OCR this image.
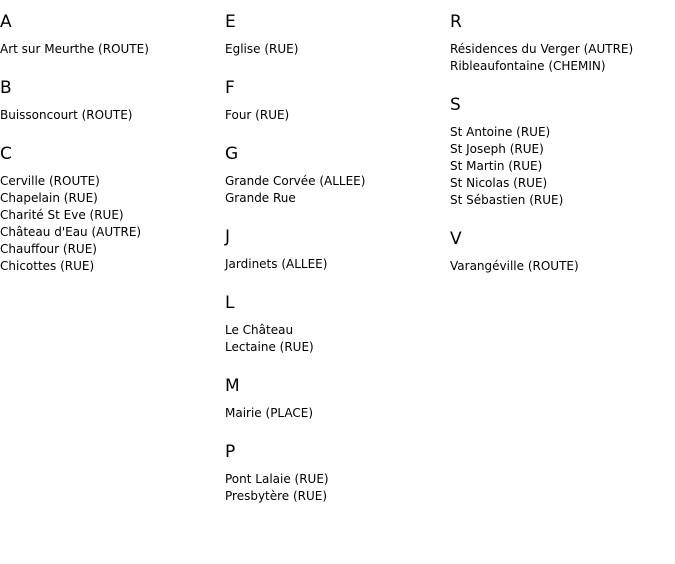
A
Art sur Meurthe (ROUTE)
B
Buissoncourt (ROUTE)
C
Cerville (ROUTE)
Chapelain (RUE)
Charité St Eve (RUE)
Château d'Eau (AUTRE)
Chauffour (RUE)
Chicottes (RUE)
E
Eglise (RUE)
F
Four (RUE)
G
Grande Corvée (ALLEE)
Grande Rue
J
Jardinets (ALLEE)
L
Le Château
Lectaine (RUE)
M
Mairie (PLACE)
P
Pont Lalaie (RUE)
Presbytère (RUE)
R
Résidences du Verger (AUTRE)
Ribleaufontaine (CHEMIN)
S
St Antoine (RUE)
St Joseph (RUE)
St Martin (RUE)
St Nicolas (RUE)
St Sébastien (RUE)
V
Varangéville (ROUTE)
